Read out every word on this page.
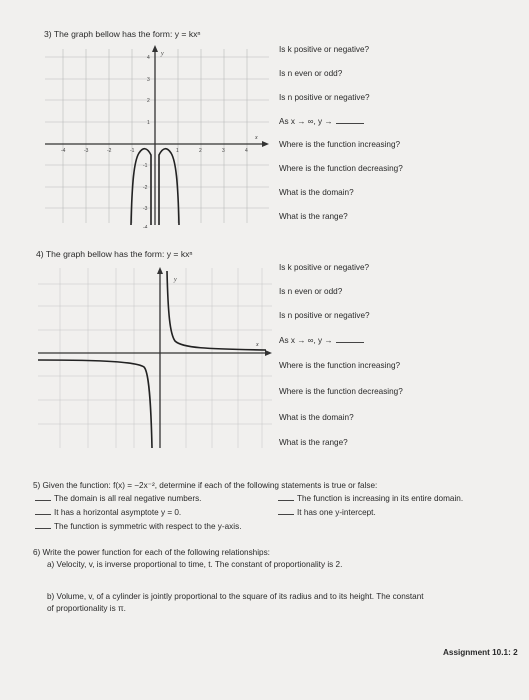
3) The graph bellow has the form: y = kxⁿ
-4	-3	-2	-1	1	2	3	4
4
3
2
1
-1
-2
-3
-4
y
x
Is k positive or negative?
Is n even or odd?
Is n positive or negative?
As x → ∞, y →
Where is the function increasing?
Where is the function decreasing?
What is the domain?
What is the range?
4) The graph bellow has the form: y = kxⁿ
y
x
Is k positive or negative?
Is n even or odd?
Is n positive or negative?
As x → ∞, y →
Where is the function increasing?
Where is the function decreasing?
What is the domain?
What is the range?
5) Given the function: f(x) = −2x⁻², determine if each of the following statements is true or false:
The domain is all real negative numbers.
It has a horizontal asymptote y = 0.
The function is symmetric with respect to the y-axis.
The function is increasing in its entire domain.
It has one y-intercept.
6) Write the power function for each of the following relationships:
a) Velocity, v, is inverse proportional to time, t. The constant of proportionality is 2.
b) Volume, v, of a cylinder is jointly proportional to the square of its radius and to its height. The constant
of proportionality is π.
Assignment 10.1: 2
